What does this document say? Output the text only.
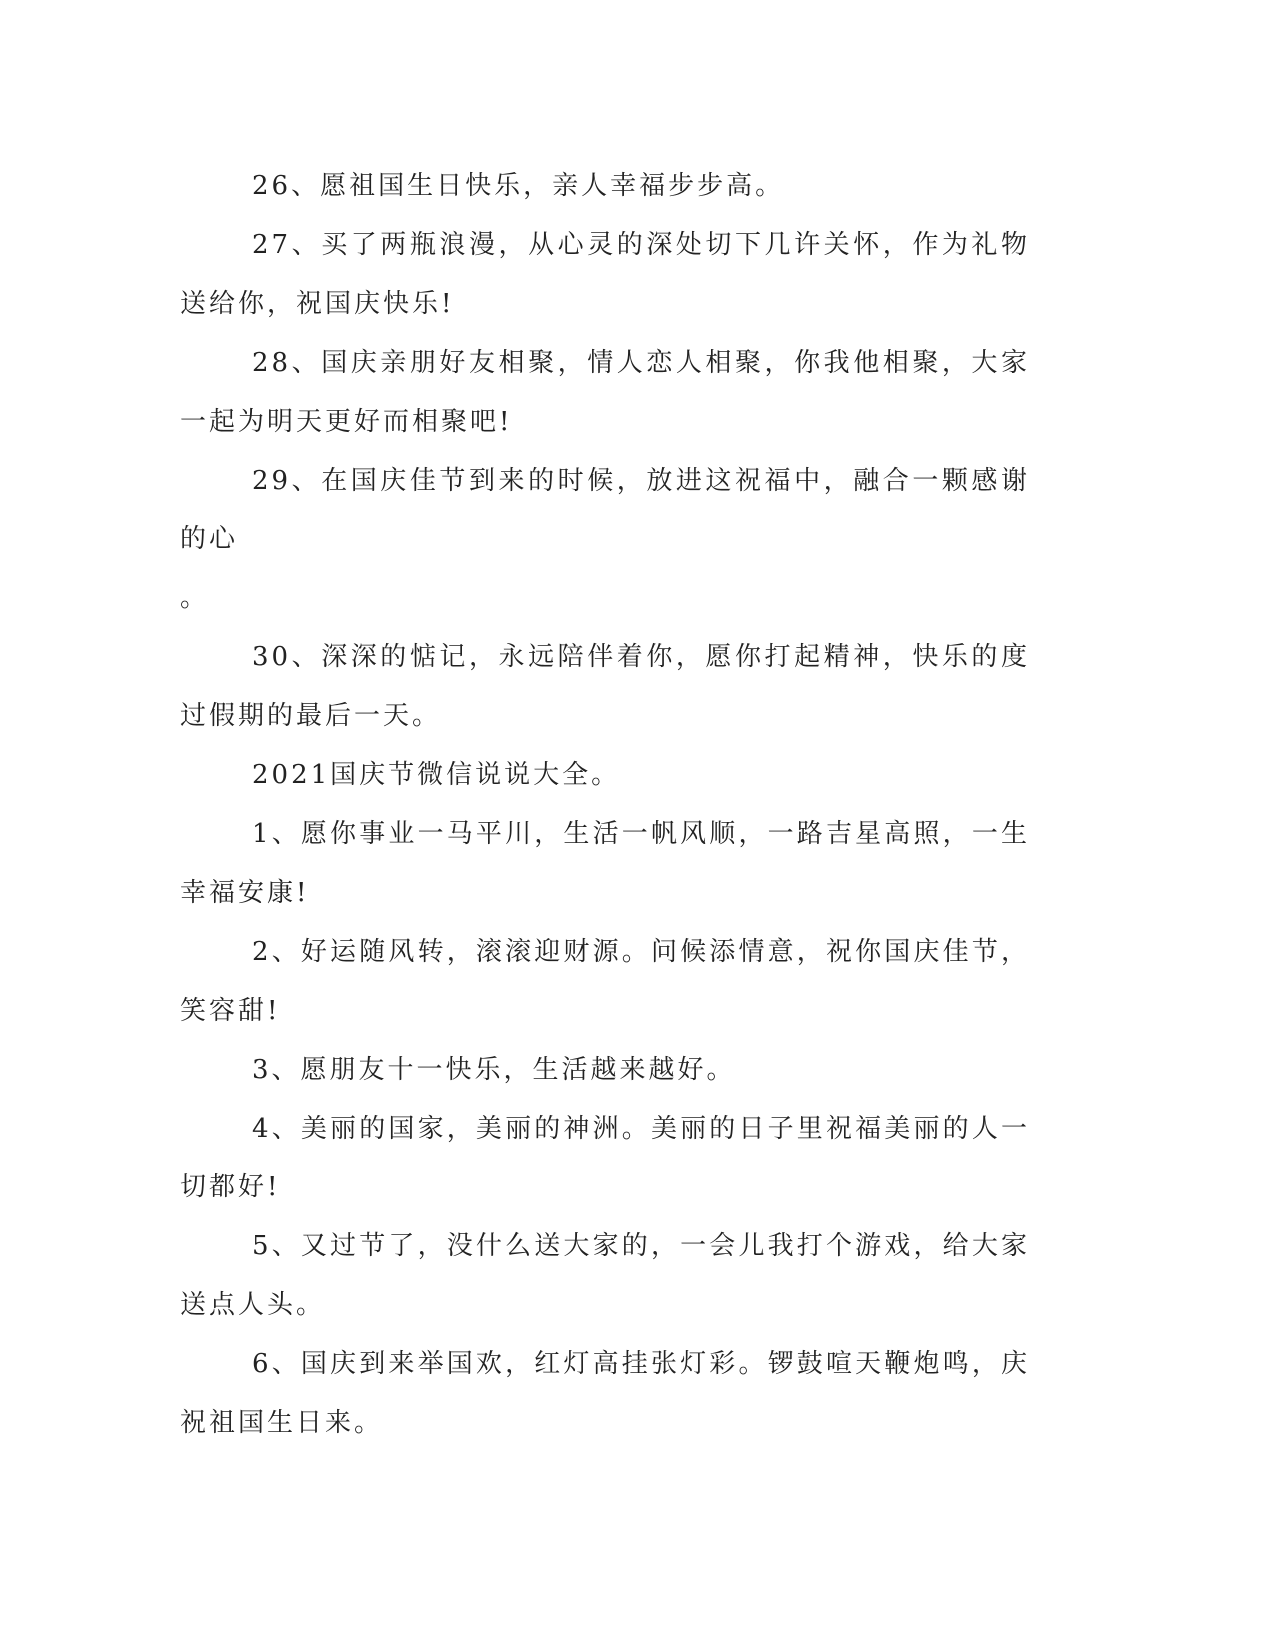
26、愿祖国生日快乐，亲人幸福步步高。

27、买了两瓶浪漫，从心灵的深处切下几许关怀，作为礼物送给你，祝国庆快乐!

28、国庆亲朋好友相聚，情人恋人相聚，你我他相聚，大家一起为明天更好而相聚吧!

29、在国庆佳节到来的时候，放进这祝福中，融合一颗感谢的心
。

30、深深的惦记，永远陪伴着你，愿你打起精神，快乐的度过假期的最后一天。

2021国庆节微信说说大全。

1、愿你事业一马平川，生活一帆风顺，一路吉星高照，一生幸福安康!

2、好运随风转，滚滚迎财源。问候添情意，祝你国庆佳节，笑容甜!

3、愿朋友十一快乐，生活越来越好。

4、美丽的国家，美丽的神洲。美丽的日子里祝福美丽的人一切都好!

5、又过节了，没什么送大家的，一会儿我打个游戏，给大家送点人头。

6、国庆到来举国欢，红灯高挂张灯彩。锣鼓喧天鞭炮鸣，庆祝祖国生日来。
